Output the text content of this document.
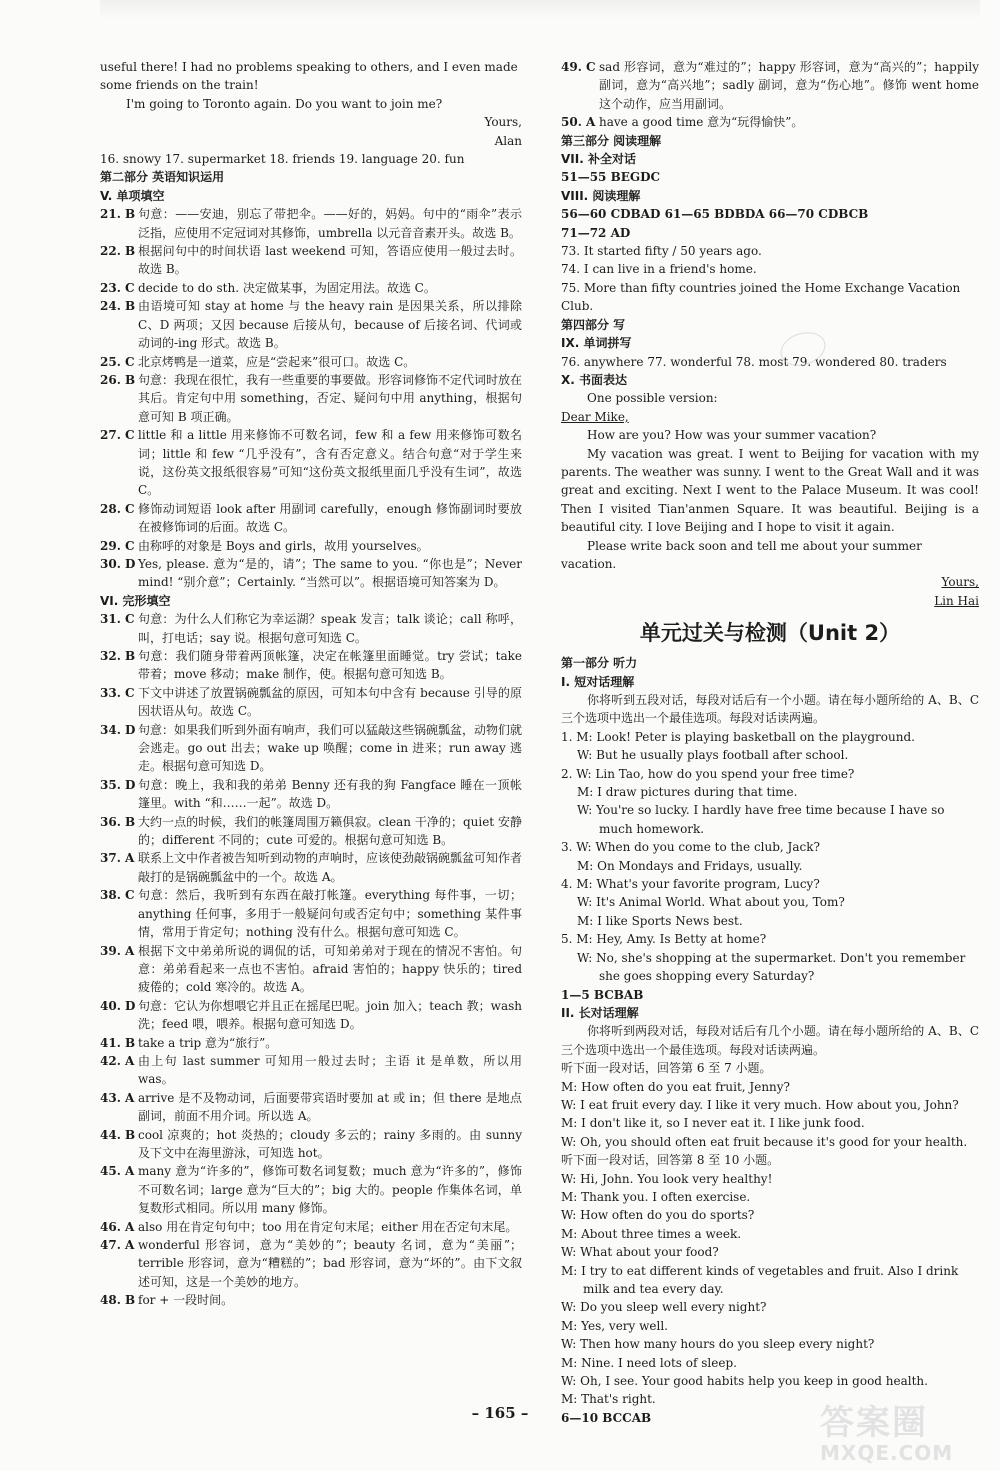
useful there! I had no problems speaking to others, and I even made

some friends on the train!

I'm going to Toronto again. Do you want to join me?

Yours,

Alan

16. snowy 17. supermarket 18. friends 19. language 20. fun

第二部分 英语知识运用

V. 单项填空

21. B 句意：——安迪，别忘了带把伞。——好的，妈妈。句中的“雨伞”表示泛指，应使用不定冠词对其修饰，umbrella 以元音音素开头。故选 B。
22. B 根据问句中的时间状语 last weekend 可知，答语应使用一般过去时。故选 B。
23. C decide to do sth. 决定做某事，为固定用法。故选 C。
24. B 由语境可知 stay at home 与 the heavy rain 是因果关系，所以排除 C、D 两项；又因 because 后接从句，because of 后接名词、代词或动词的-ing 形式。故选 B。
25. C 北京烤鸭是一道菜，应是“尝起来”很可口。故选 C。
26. B 句意：我现在很忙，我有一些重要的事要做。形容词修饰不定代词时放在其后。肯定句中用 something，否定、疑问句中用 anything，根据句意可知 B 项正确。
27. C little 和 a little 用来修饰不可数名词，few 和 a few 用来修饰可数名词；little 和 few “几乎没有”，含有否定意义。结合句意“对于学生来说，这份英文报纸很容易”可知“这份英文报纸里面几乎没有生词”，故选 C。
28. C 修饰动词短语 look after 用副词 carefully，enough 修饰副词时要放在被修饰词的后面。故选 C。
29. C 由称呼的对象是 Boys and girls，故用 yourselves。
30. D Yes, please. 意为“是的，请”；The same to you. “你也是”；Never mind! “别介意”；Certainly. “当然可以”。根据语境可知答案为 D。

VI. 完形填空

31. C 句意：为什么人们称它为幸运湖？speak 发言；talk 谈论；call 称呼，叫，打电话；say 说。根据句意可知选 C。
32. B 句意：我们随身带着两顶帐篷，决定在帐篷里面睡觉。try 尝试；take 带着；move 移动；make 制作，使。根据句意可知选 B。
33. C 下文中讲述了放置锅碗瓢盆的原因，可知本句中含有 because 引导的原因状语从句。故选 C。
34. D 句意：如果我们听到外面有响声，我们可以猛敲这些锅碗瓢盆，动物们就会逃走。go out 出去；wake up 唤醒；come in 进来；run away 逃走。根据句意可知选 D。
35. D 句意：晚上，我和我的弟弟 Benny 还有我的狗 Fangface 睡在一顶帐篷里。with “和……一起”。故选 D。
36. B 大约一点的时候，我们的帐篷周围万籁俱寂。clean 干净的；quiet 安静的；different 不同的；cute 可爱的。根据句意可知选 B。
37. A 联系上文中作者被告知听到动物的声响时，应该使劲敲锅碗瓢盆可知作者敲打的是锅碗瓢盆中的一个。故选 A。
38. C 句意：然后，我听到有东西在敲打帐篷。everything 每件事，一切；anything 任何事，多用于一般疑问句或否定句中；something 某件事情，常用于肯定句；nothing 没有什么。根据句意可知选 C。
39. A 根据下文中弟弟所说的调侃的话，可知弟弟对于现在的情况不害怕。句意：弟弟看起来一点也不害怕。afraid 害怕的；happy 快乐的；tired 疲倦的；cold 寒冷的。故选 A。
40. D 句意：它认为你想喂它并且正在摇尾巴呢。join 加入；teach 教；wash 洗；feed 喂，喂养。根据句意可知选 D。
41. B take a trip 意为“旅行”。
42. A 由上句 last summer 可知用一般过去时；主语 it 是单数，所以用 was。
43. A arrive 是不及物动词，后面要带宾语时要加 at 或 in；但 there 是地点副词，前面不用介词。所以选 A。
44. B cool 凉爽的；hot 炎热的；cloudy 多云的；rainy 多雨的。由 sunny 及下文中在海里游泳，可知选 hot。
45. A many 意为“许多的”，修饰可数名词复数；much 意为“许多的”，修饰不可数名词；large 意为“巨大的”；big 大的。people 作集体名词，单复数形式相同。所以用 many 修饰。
46. A also 用在肯定句句中；too 用在肯定句末尾；either 用在否定句末尾。
47. A wonderful 形容词，意为“美妙的”；beauty 名词，意为“美丽”；terrible 形容词，意为“糟糕的”；bad 形容词，意为“坏的”。由下文叙述可知，这是一个美妙的地方。
48. B for + 一段时间。
49. C sad 形容词，意为“难过的”；happy 形容词，意为“高兴的”；happily 副词，意为“高兴地”；sadly 副词，意为“伤心地”。修饰 went home 这个动作，应当用副词。
50. A have a good time 意为“玩得愉快”。

第三部分 阅读理解

VII. 补全对话

51—55 BEGDC

VIII. 阅读理解

56—60 CDBAD 61—65 BDBDA 66—70 CDBCB

71—72 AD

73. It started fifty / 50 years ago.

74. I can live in a friend's home.

75. More than fifty countries joined the Home Exchange Vacation Club.

第四部分 写

IX. 单词拼写

76. anywhere 77. wonderful 78. most 79. wondered 80. traders

X. 书面表达

One possible version:

Dear Mike,

How are you? How was your summer vacation?

My vacation was great. I went to Beijing for vacation with my parents. The weather was sunny. I went to the Great Wall and it was great and exciting. Next I went to the Palace Museum. It was cool! Then I visited Tian'anmen Square. It was beautiful. Beijing is a beautiful city. I love Beijing and I hope to visit it again.

Please write back soon and tell me about your summer vacation.

Yours,

Lin Hai

单元过关与检测（Unit 2）

第一部分 听力

I. 短对话理解

你将听到五段对话，每段对话后有一个小题。请在每小题所给的 A、B、C 三个选项中选出一个最佳选项。每段对话读两遍。

1. M: Look! Peter is playing basketball on the playground.

W: But he usually plays football after school.

2. W: Lin Tao, how do you spend your free time?

M: I draw pictures during that time.

W: You're so lucky. I hardly have free time because I have so much homework.

3. W: When do you come to the club, Jack?

M: On Mondays and Fridays, usually.

4. M: What's your favorite program, Lucy?

W: It's Animal World. What about you, Tom?

M: I like Sports News best.

5. M: Hey, Amy. Is Betty at home?

W: No, she's shopping at the supermarket. Don't you remember she goes shopping every Saturday?

1—5 BCBAB

II. 长对话理解

你将听到两段对话，每段对话后有几个小题。请在每小题所给的 A、B、C 三个选项中选出一个最佳选项。每段对话读两遍。

听下面一段对话，回答第 6 至 7 小题。

M: How often do you eat fruit, Jenny?

W: I eat fruit every day. I like it very much. How about you, John?

M: I don't like it, so I never eat it. I like junk food.

W: Oh, you should often eat fruit because it's good for your health.

听下面一段对话，回答第 8 至 10 小题。

W: Hi, John. You look very healthy!

M: Thank you. I often exercise.

W: How often do you do sports?

M: About three times a week.

W: What about your food?

M: I try to eat different kinds of vegetables and fruit. Also I drink milk and tea every day.

W: Do you sleep well every night?

M: Yes, very well.

W: Then how many hours do you sleep every night?

M: Nine. I need lots of sleep.

W: Oh, I see. Your good habits help you keep in good health.

M: That's right.

6—10 BCCAB

– 165 –	答案圈
MXQE.COM
